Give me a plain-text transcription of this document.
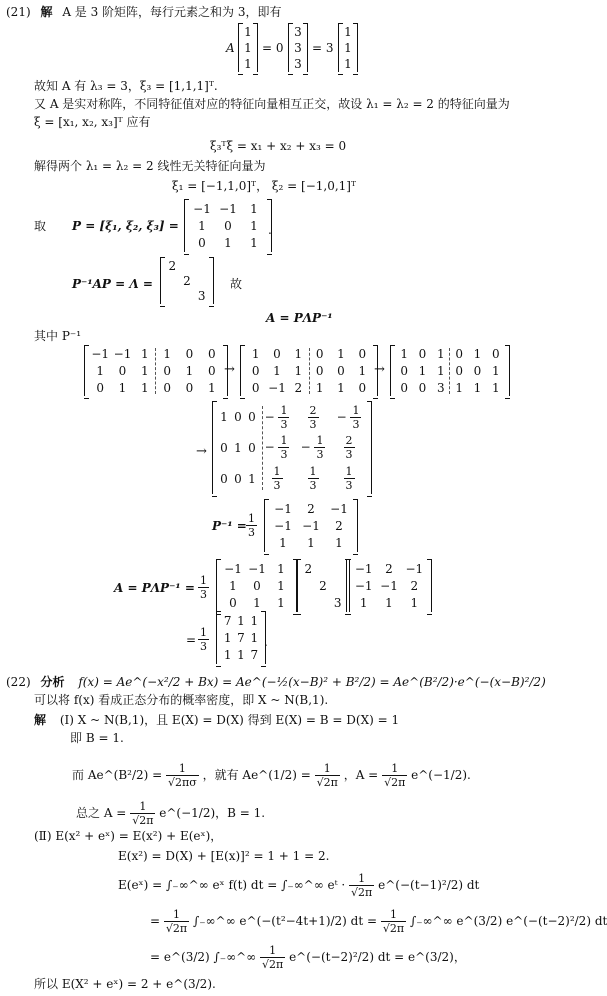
(21) 解 A 是 3 阶矩阵，每行元素之和为 3，即有
A
1
1
1
= 0
3
3
3
= 3
1
1
1
故知 A 有 λ₃ = 3，ξ₃ = [1,1,1]ᵀ.
又 A 是实对称阵，不同特征值对应的特征向量相互正交，故设 λ₁ = λ₂ = 2 的特征向量为
ξ = [x₁, x₂, x₃]ᵀ 应有
ξ₃ᵀξ = x₁ + x₂ + x₃ = 0
解得两个 λ₁ = λ₂ = 2 线性无关特征向量为
ξ₁ = [−1,1,0]ᵀ， ξ₂ = [−1,0,1]ᵀ
取 P = [ξ₁, ξ₂, ξ₃] =
−1 −1 1
1 0 1
0 1 1
.
P⁻¹AP = Λ =
2
2
3
故
A = PΛP⁻¹
其中 P⁻¹
−1 −1 1 1 0 0
1 0 1 0 1 0
0 1 1 0 0 1
→
1 0 1 0 1 0
0 1 1 0 0 1
0 −1 2 1 1 0
→
1 0 1 0 1 0
0 1 1 0 0 1
0 0 3 1 1 1
→
1 0 $0 - \frac{1}{3} \frac{2}{3} - \frac{1}{3}$
0 1 $0 - \frac{1}{3} - \frac{1}{3} \frac{2}{3}$
0 0 $1 \frac{1}{3} \frac{1}{3} \frac{1}{3}$
$P^{-1} = \frac{1}{3}$
−1 2 −1
−1 −1 2
1 1 1
$A = P\Lambda P^{-1} = \frac{1}{3}$
−1 −1 1
1 0 1
0 1 1
2
2
3
−1 2 −1
−1 −1 2
1 1 1
= $\frac{1}{3}$
7 1 1
1 7 1
1 1 7
.
(22) 分析 f(x) = Ae^(−x²/2 + Bx) = Ae^(−½(x−B)² + B²/2) = Ae^(B²/2)·e^(−(x−B)²/2)
可以将 f(x) 看成正态分布的概率密度，即 X ~ N(B,1).
解 (Ⅰ) X ~ N(B,1)，且 E(X) = D(X) 得到 E(X) = B = D(X) = 1
即 B = 1.
而 Ae^(B²/2) = $\frac{1}{√2\pi\sigma}$ ，就有 Ae^(1/2) = $\frac{1}{√2\pi}$ ，$A = \frac{1}{√2\pi}$ e^(−1/2).
总之 $A = \frac{1}{√2\pi}$ e^(−1/2)，B = 1.
(Ⅱ) E(x² + eˣ) = E(x²) + E(eˣ)，
E(x²) = D(X) + [E(x)]² = 1 + 1 = 2.
E(eˣ) = ∫₋∞^∞ eˣ f(t) dt = ∫₋∞^∞ eᵗ · $\frac{1}{√2\pi}$ e^(−(t−1)²/2) dt
= $\frac{1}{√2\pi}$ ∫₋∞^∞ e^(−(t²−4t+1)/2) dt = $\frac{1}{√2\pi}$ ∫₋∞^∞ e^(3/2) e^(−(t−2)²/2) dt
= e^(3/2) ∫₋∞^∞ $\frac{1}{√2\pi}$ e^(−(t−2)²/2) dt = e^(3/2)，
所以 E(X² + eˣ) = 2 + e^(3/2).
